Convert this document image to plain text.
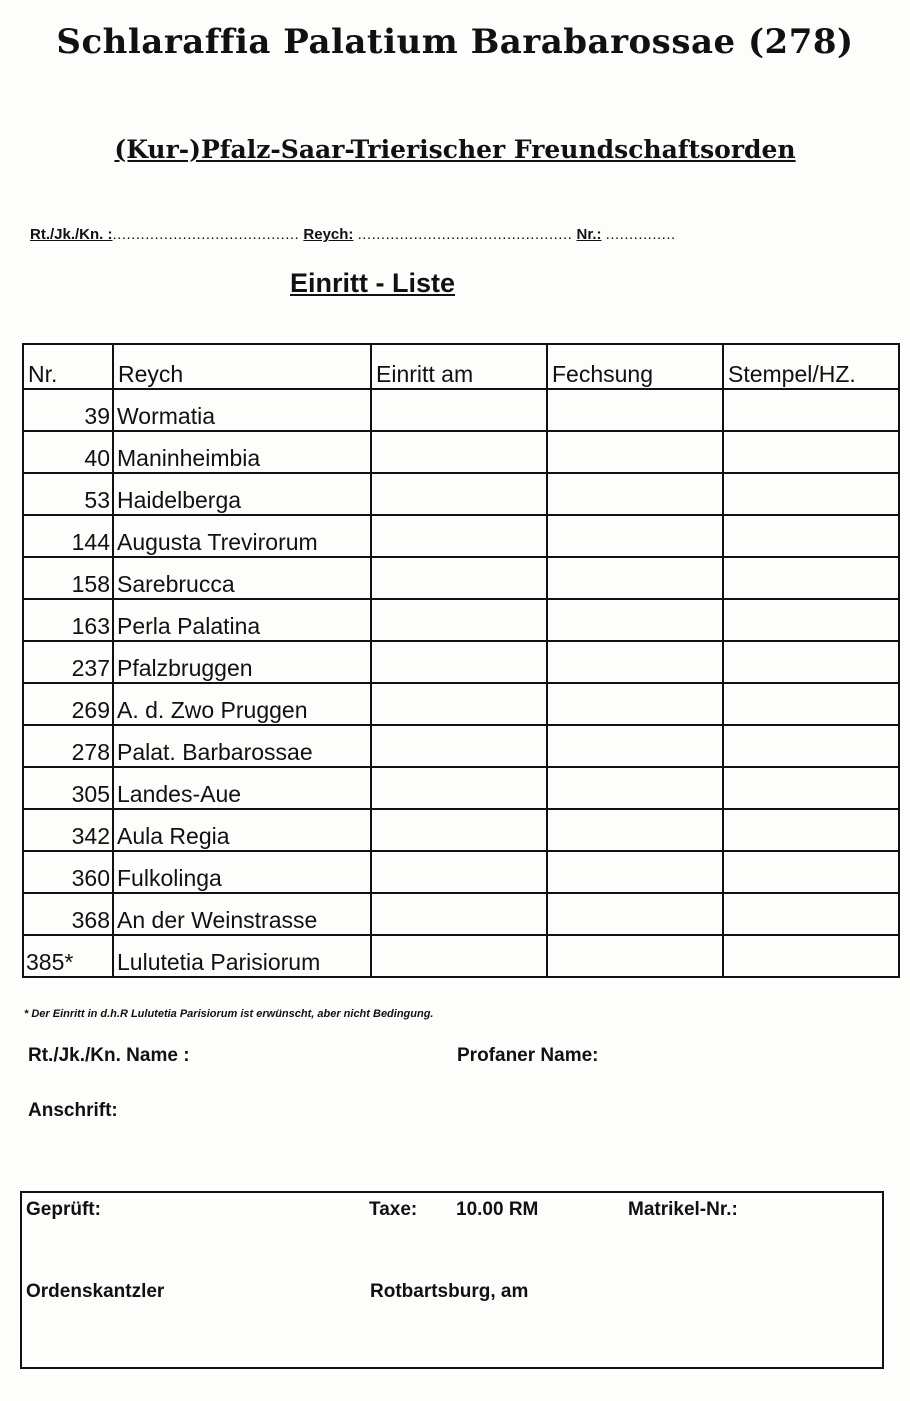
Schlaraffia Palatium Barabarossae (278)
(Kur-)Pfalz-Saar-Trierischer Freundschaftsorden
Rt./Jk./Kn. :........................................ Reych: .............................................. Nr.: ...............
Einritt - Liste
Nr.	Reych	Einritt am	Fechsung	Stempel/HZ.
39	Wormatia			
40	Maninheimbia			
53	Haidelberga			
144	Augusta Trevirorum			
158	Sarebrucca			
163	Perla Palatina			
237	Pfalzbruggen			
269	A. d. Zwo Pruggen			
278	Palat. Barbarossae			
305	Landes-Aue			
342	Aula Regia			
360	Fulkolinga			
368	An der Weinstrasse			
385*	Lulutetia Parisiorum			
* Der Einritt in d.h.R Lulutetia Parisiorum ist erwünscht, aber nicht Bedingung.
Rt./Jk./Kn. Name :	Profaner Name:
Anschrift:
Geprüft:	Taxe: 10.00 RM	Matrikel-Nr.:
Ordenskantzler	Rotbartsburg, am
